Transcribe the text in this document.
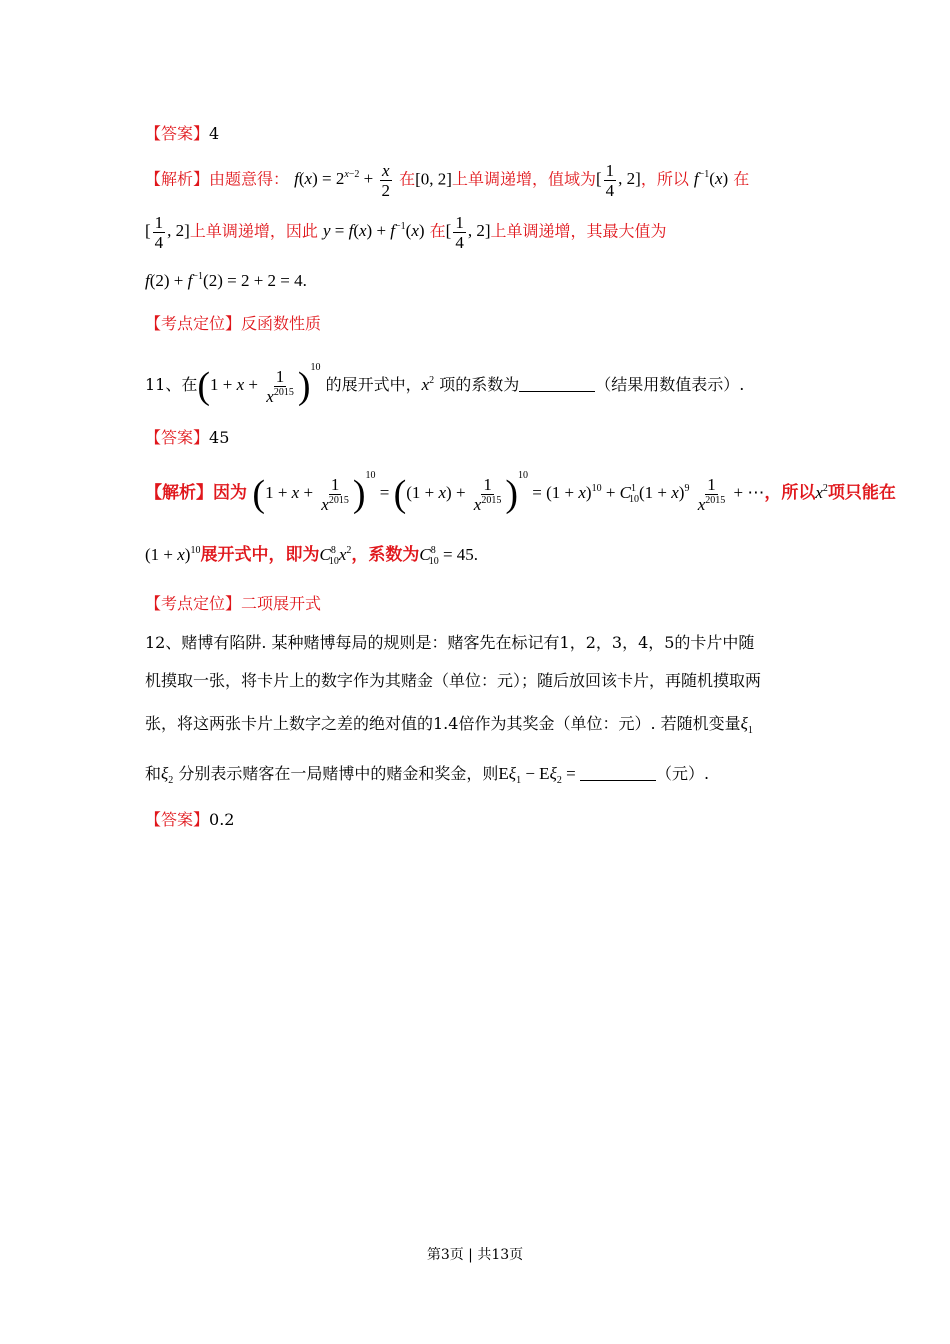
【答案】4
【解析】由题意得： $f(x) = 2^{x-2} + \frac{x}{2}$ 在[0, 2]上单调递增，值域为[ $\frac{1}{4}$ , 2]，所以 $f^{-1}(x)$ 在
[ $\frac{1}{4}$ , 2]上单调递增，因此 $y = f(x) + f^{-1}(x)$ 在[ $\frac{1}{4}$ , 2]上单调递增，其最大值为
$f(2) + f^{-1}(2) = 2 + 2 = 4$.
【考点定位】反函数性质
11、在$(1 + x + \frac{1}{x^{2015}} )^{10}$ 的展开式中，$x^2$ 项的系数为	（结果用数值表示）.
【答案】45
【解析】因为 $(1 + x + \frac{1}{x^{2015}} )^{10} = ((1 + x) + \frac{1}{x^{2015}} )^{10} = (1 + x)^{10} + C^1_{10}(1 + x)^9 \frac{1}{x^{2015}}$ + ⋯，所以$x^2$项只能在
$(1 + x)^{10}$展开式中，即为$C^8_{10}x^2$，系数为$C^8_{10} = 45$.
【考点定位】二项展开式
12、赌博有陷阱. 某种赌博每局的规则是：赌客先在标记有1，2，3，4，5的卡片中随
机摸取一张，将卡片上的数字作为其赌金（单位：元）；随后放回该卡片，再随机摸取两
张，将这两张卡片上数字之差的绝对值的1.4倍作为其奖金（单位：元）. 若随机变量$\xi_1$
和$\xi_2$ 分别表示赌客在一局赌博中的赌金和奖金，则$E\xi_1 - E\xi_2$ =	（元）.
【答案】0.2
第3页 | 共13页
